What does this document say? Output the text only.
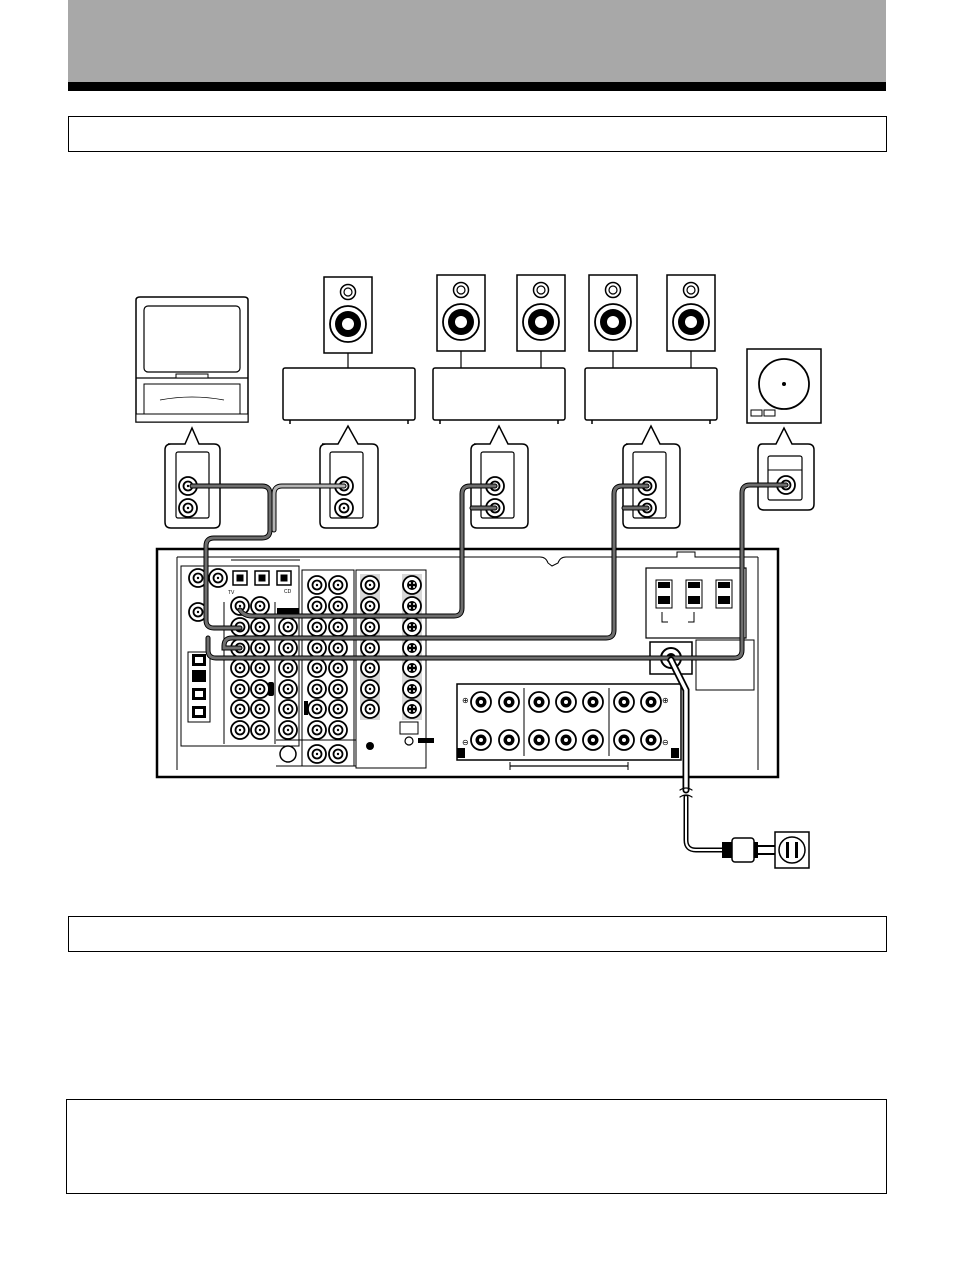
TV	CD
⊕
⊖
⊕
⊖
